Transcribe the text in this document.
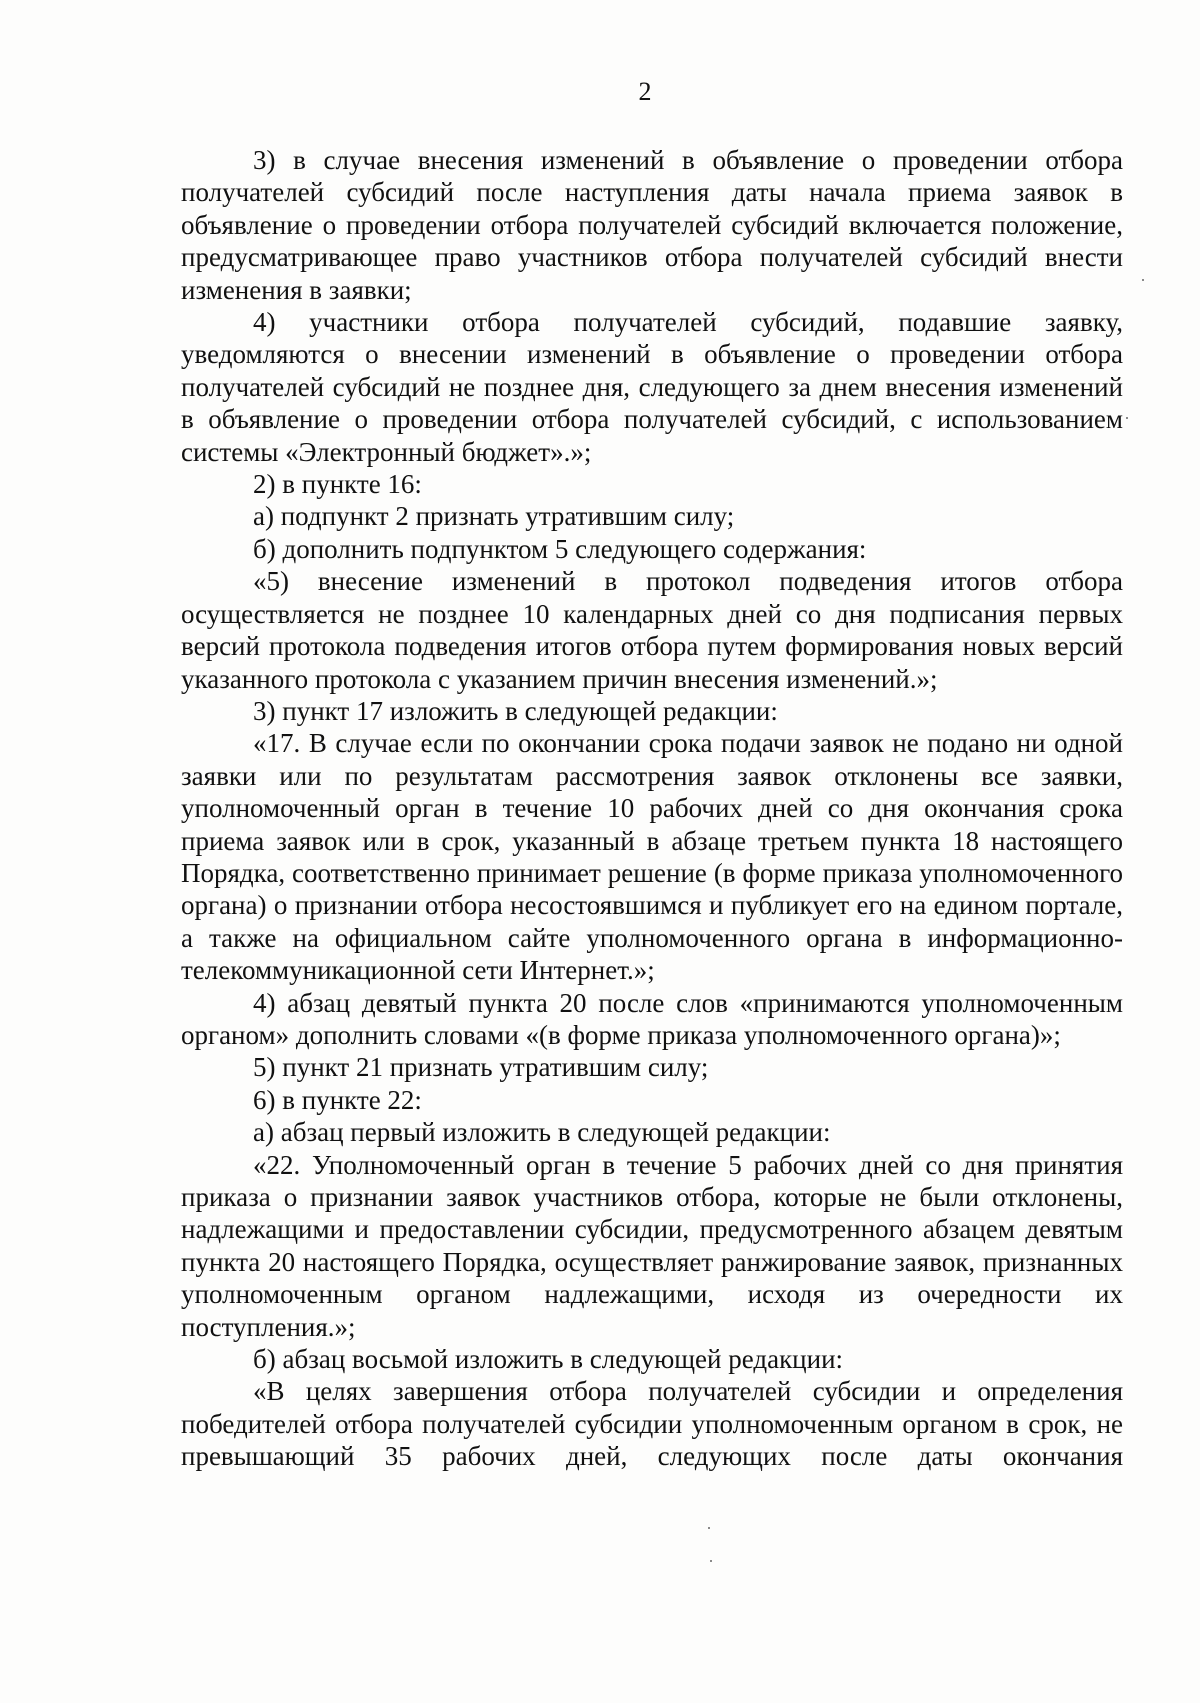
2

3) в случае внесения изменений в объявление о проведении отбора получателей субсидий после наступления даты начала приема заявок в объявление о проведении отбора получателей субсидий включается положение, предусматривающее право участников отбора получателей субсидий внести изменения в заявки;

4) участники отбора получателей субсидий, подавшие заявку, уведомляются о внесении изменений в объявление о проведении отбора получателей субсидий не позднее дня, следующего за днем внесения изменений в объявление о проведении отбора получателей субсидий, с использованием системы «Электронный бюджет».»;

2) в пункте 16:

а) подпункт 2 признать утратившим силу;

б) дополнить подпунктом 5 следующего содержания:

«5) внесение изменений в протокол подведения итогов отбора осуществляется не позднее 10 календарных дней со дня подписания первых версий протокола подведения итогов отбора путем формирования новых версий указанного протокола с указанием причин внесения изменений.»;

3) пункт 17 изложить в следующей редакции:

«17. В случае если по окончании срока подачи заявок не подано ни одной заявки или по результатам рассмотрения заявок отклонены все заявки, уполномоченный орган в течение 10 рабочих дней со дня окончания срока приема заявок или в срок, указанный в абзаце третьем пункта 18 настоящего Порядка, соответственно принимает решение (в форме приказа уполномоченного органа) о признании отбора несостоявшимся и публикует его на едином портале, а также на официальном сайте уполномоченного органа в информационно-телекоммуникационной сети Интернет.»;

4) абзац девятый пункта 20 после слов «принимаются уполномоченным органом» дополнить словами «(в форме приказа уполномоченного органа)»;

5) пункт 21 признать утратившим силу;

6) в пункте 22:

а) абзац первый изложить в следующей редакции:

«22. Уполномоченный орган в течение 5 рабочих дней со дня принятия приказа о признании заявок участников отбора, которые не были отклонены, надлежащими и предоставлении субсидии, предусмотренного абзацем девятым пункта 20 настоящего Порядка, осуществляет ранжирование заявок, признанных уполномоченным органом надлежащими, исходя из очередности их поступления.»;

б) абзац восьмой изложить в следующей редакции:

«В целях завершения отбора получателей субсидии и определения победителей отбора получателей субсидии уполномоченным органом в срок, не превышающий 35 рабочих дней, следующих после даты окончания
